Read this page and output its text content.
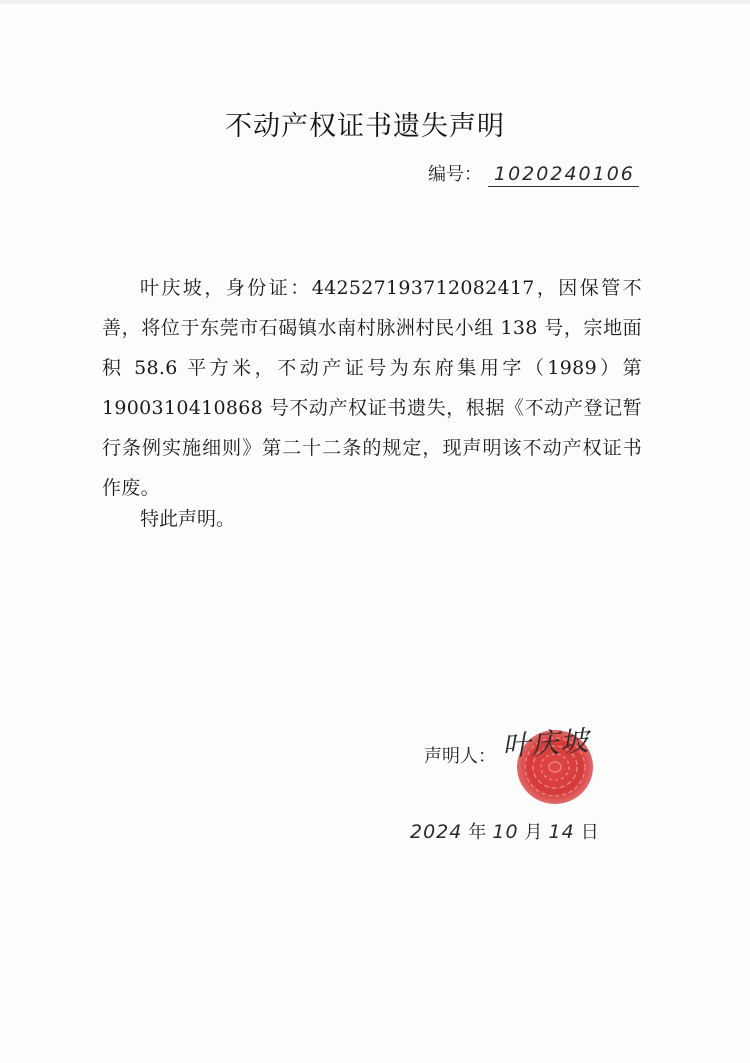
不动产权证书遗失声明
编号： 1020240106

叶庆坡，身份证：442527193712082417，因保管不善，将位于东莞市石碣镇水南村脉洲村民小组 138 号，宗地面积 58.6 平方米，不动产证号为东府集用字（1989）第 1900310410868 号不动产权证书遗失，根据《不动产登记暂行条例实施细则》第二十二条的规定，现声明该不动产权证书作废。

特此声明。

声明人： 叶庆坡
2024 年 10 月 14 日
